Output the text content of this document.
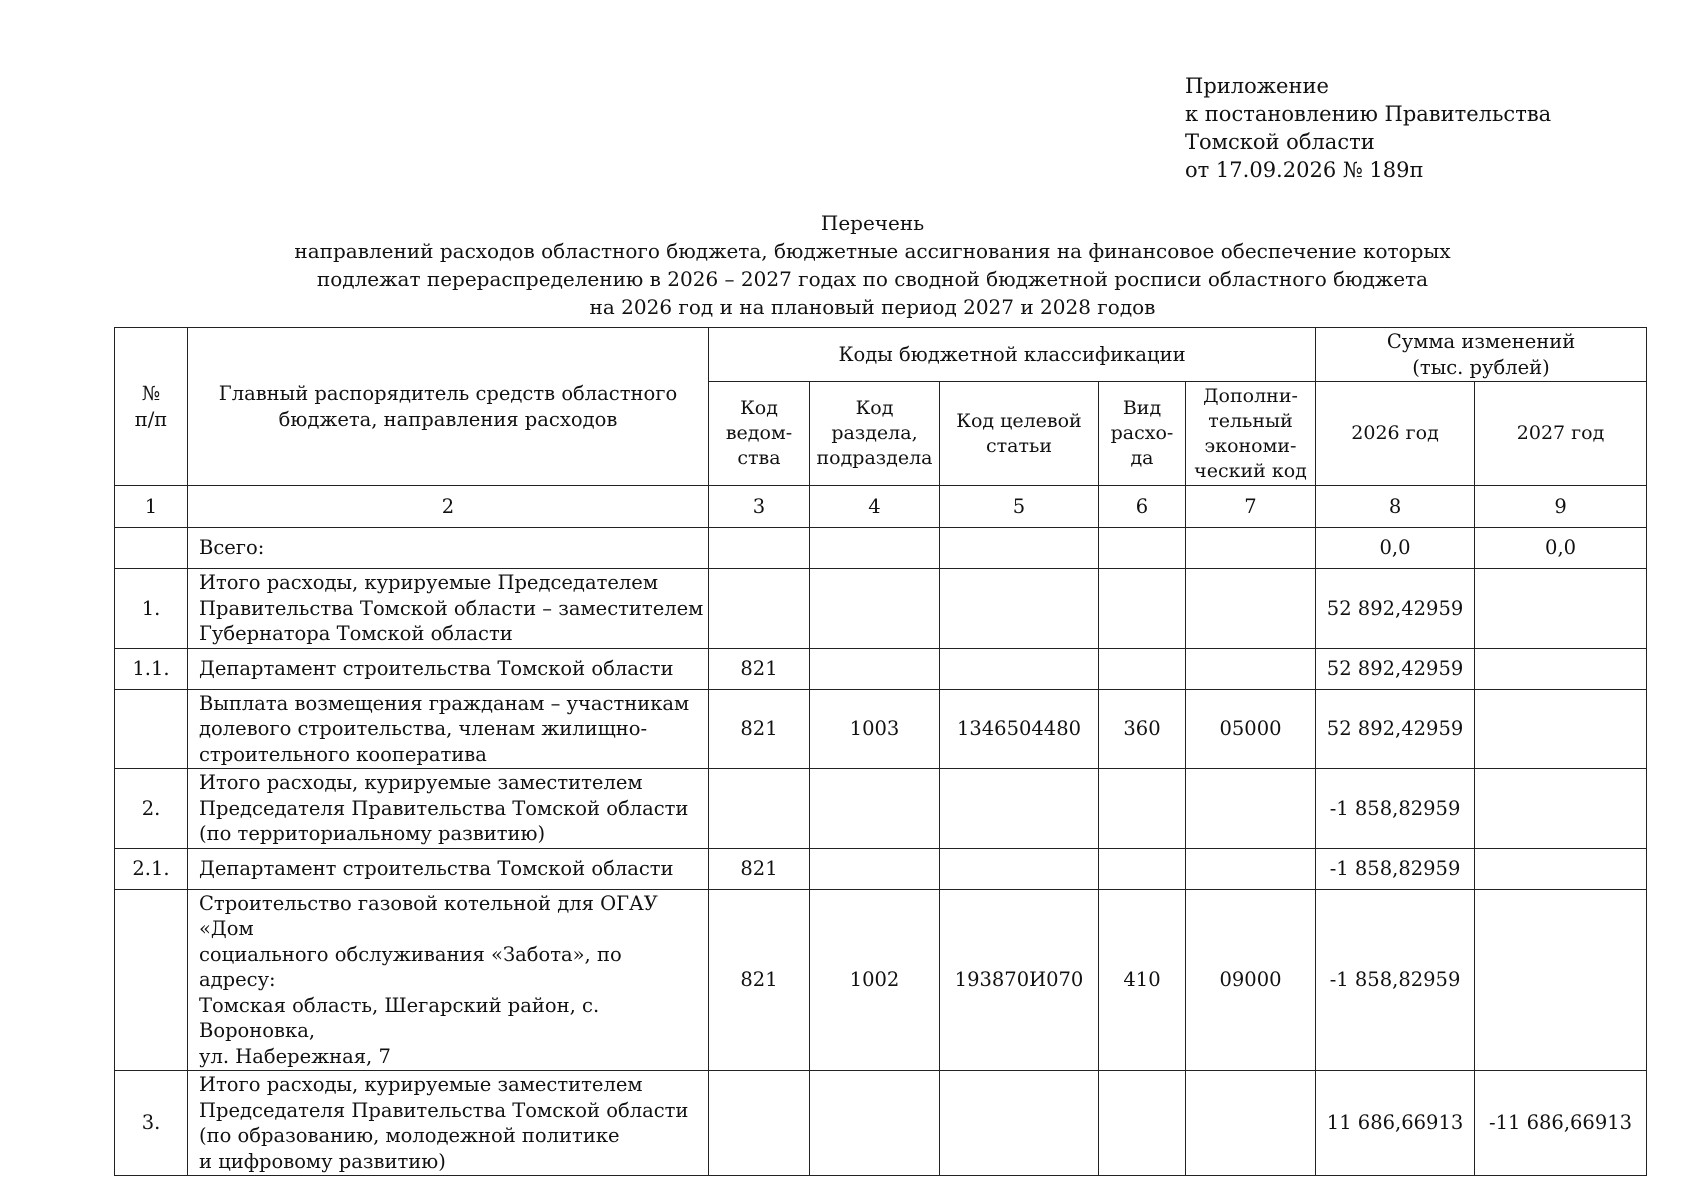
Приложение
к постановлению Правительства
Томской области
от 17.09.2026 № 189п
Перечень
направлений расходов областного бюджета, бюджетные ассигнования на финансовое обеспечение которых
подлежат перераспределению в 2026 – 2027 годах по сводной бюджетной росписи областного бюджета
на 2026 год и на плановый период 2027 и 2028 годов
№
п/п	Главный распорядитель средств областного
бюджета, направления расходов	Коды бюджетной классификации					Сумма изменений
(тыс. рублей)	
		Код
ведом-
ства	Код
раздела,
подраздела	Код целевой
статьи	Вид
расхо-
да	Дополни-
тельный
экономи-
ческий код	2026 год	2027 год
1	2	3	4	5	6	7	8	9
	Всего:						0,0	0,0
1.	Итого расходы, курируемые Председателем
Правительства Томской области – заместителем
Губернатора Томской области						52 892,42959	
1.1.	Департамент строительства Томской области	821					52 892,42959	
	Выплата возмещения гражданам – участникам
долевого строительства, членам жилищно-
строительного кооператива	821	1003	1346504480	360	05000	52 892,42959	
2.	Итого расходы, курируемые заместителем
Председателя Правительства Томской области
(по территориальному развитию)						-1 858,82959	
2.1.	Департамент строительства Томской области	821					-1 858,82959	
	Строительство газовой котельной для ОГАУ «Дом
социального обслуживания «Забота», по адресу:
Томская область, Шегарский район, с. Вороновка,
ул. Набережная, 7	821	1002	193870И070	410	09000	-1 858,82959	
3.	Итого расходы, курируемые заместителем
Председателя Правительства Томской области
(по образованию, молодежной политике
и цифровому развитию)						11 686,66913	-11 686,66913
